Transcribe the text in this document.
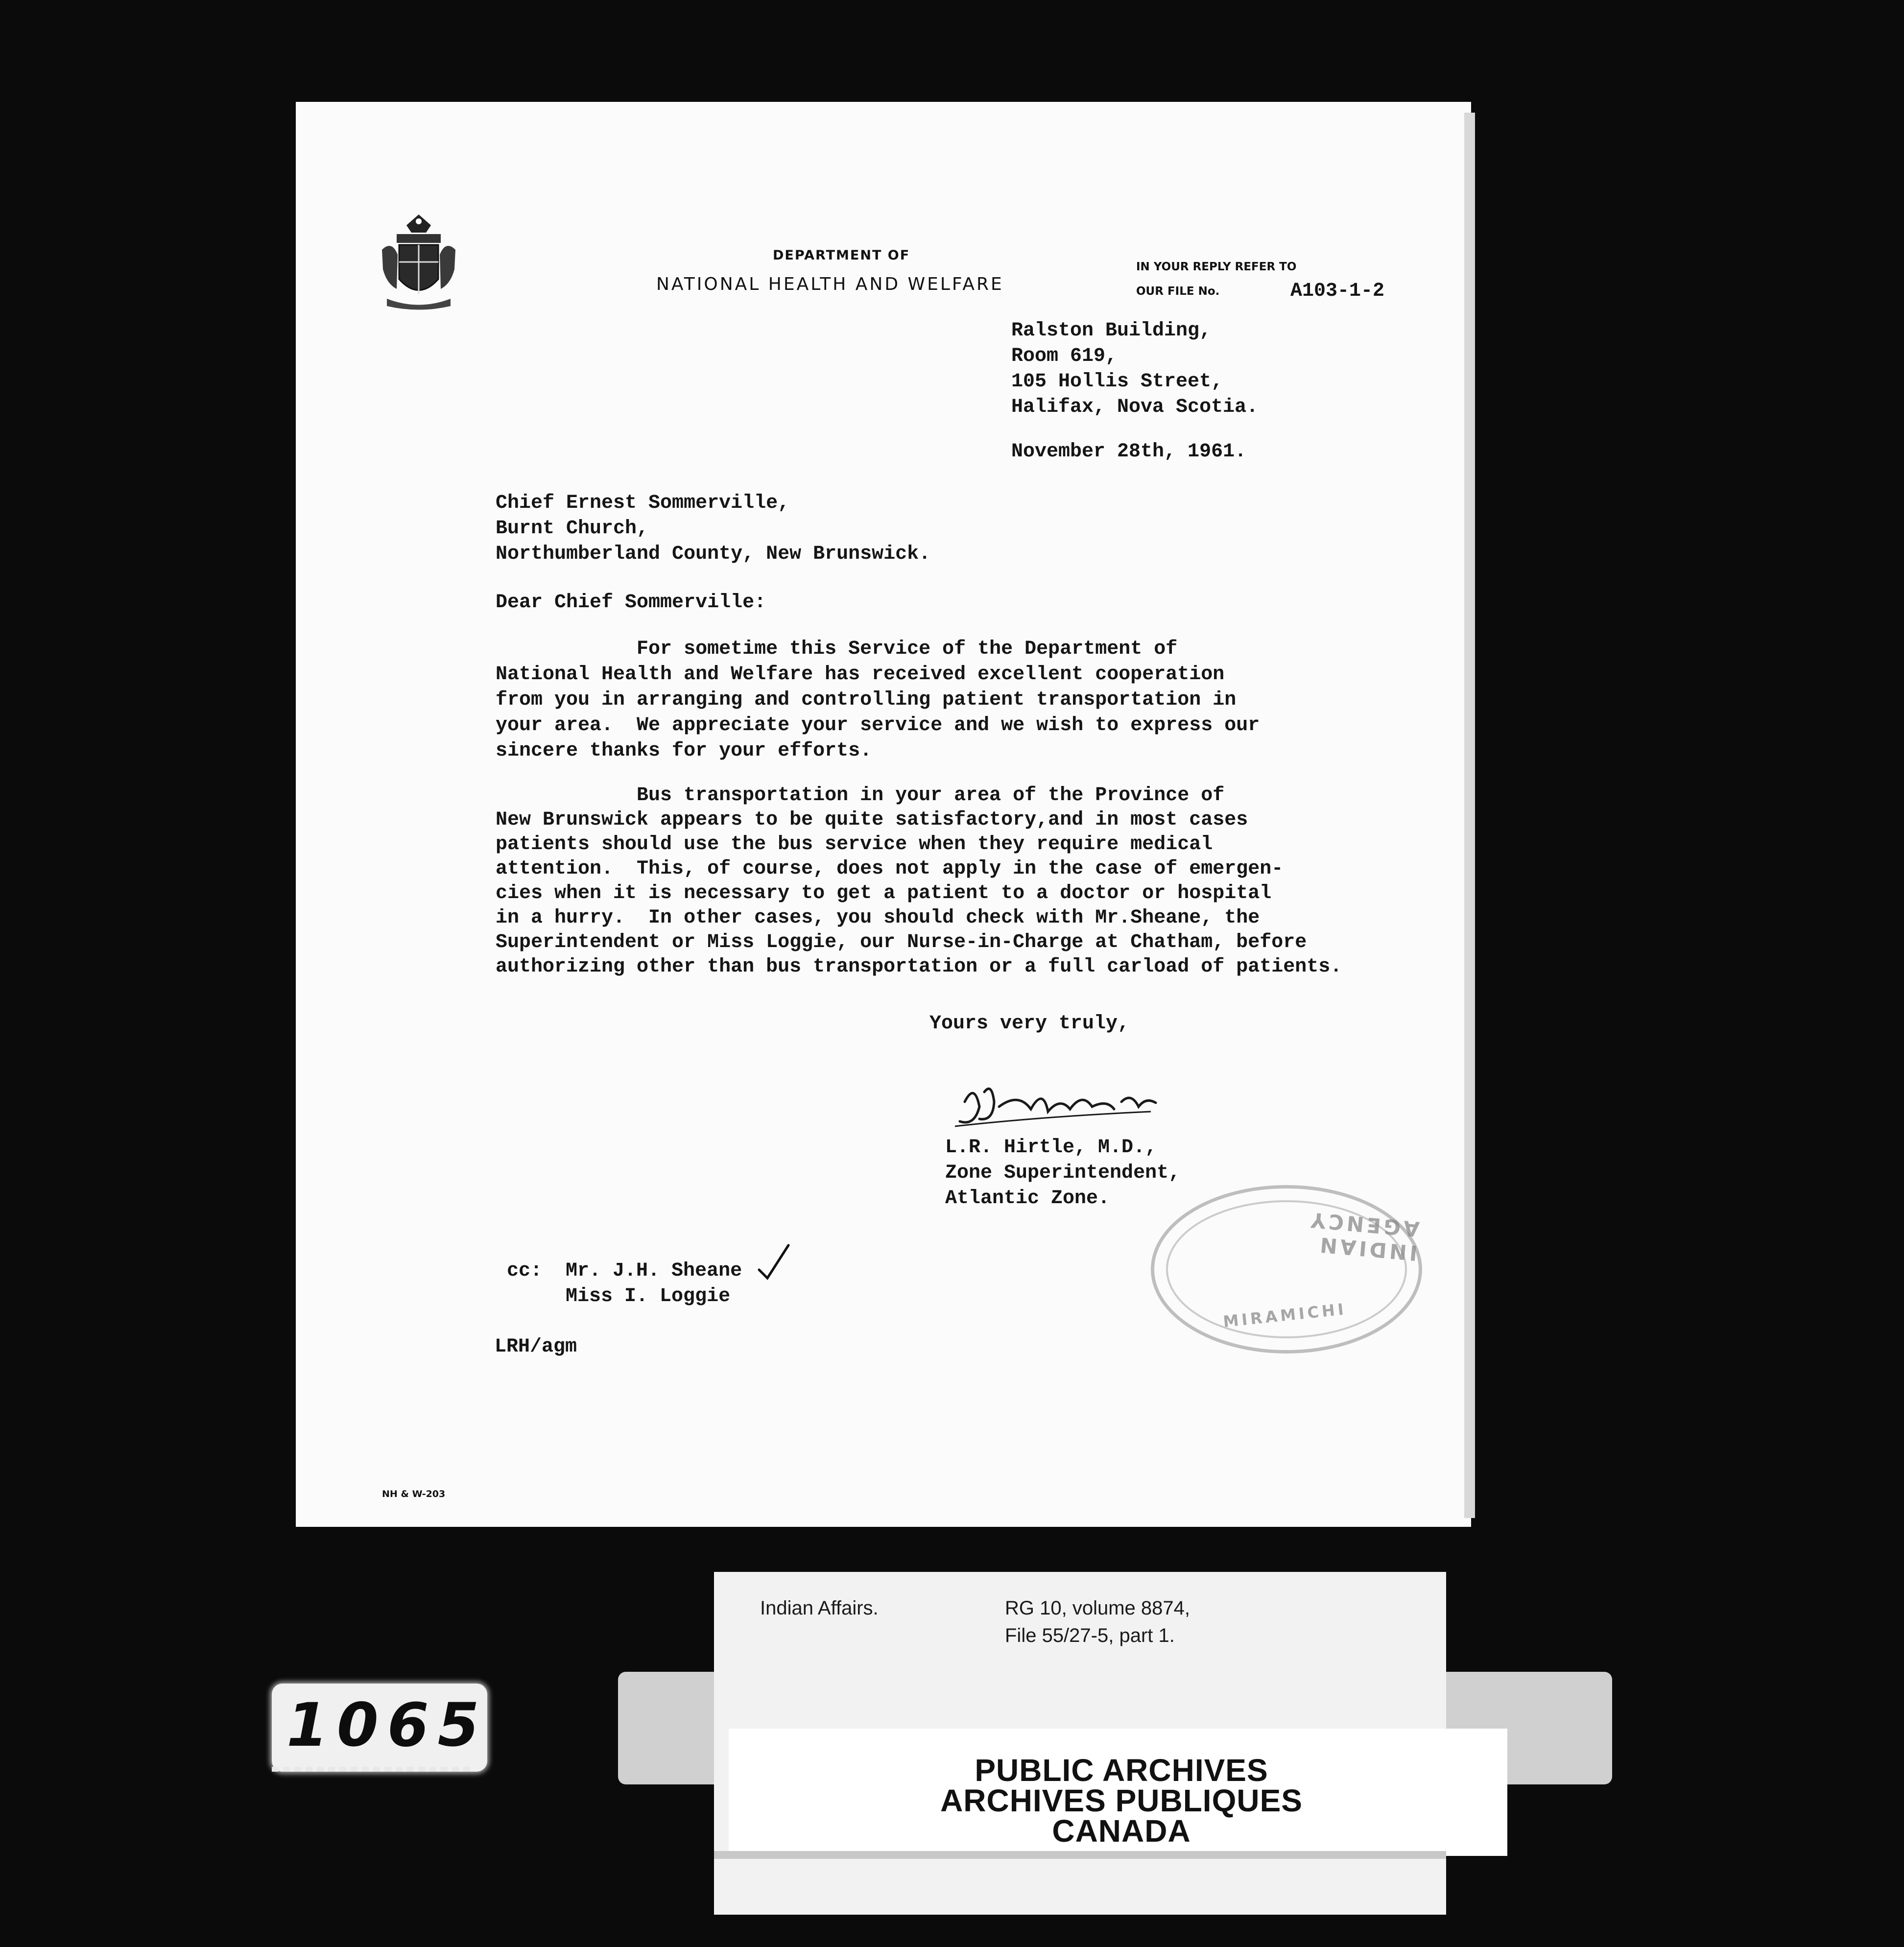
DEPARTMENT OF
NATIONAL HEALTH AND WELFARE
IN YOUR REPLY REFER TO
OUR FILE No.	A103-1-2
Ralston Building,
Room 619,
105 Hollis Street,
Halifax, Nova Scotia.
November 28th, 1961.
Chief Ernest Sommerville,
Burnt Church,
Northumberland County, New Brunswick.
Dear Chief Sommerville:
For sometime this Service of the Department of
National Health and Welfare has received excellent cooperation
from you in arranging and controlling patient transportation in
your area.  We appreciate your service and we wish to express our
sincere thanks for your efforts.
Bus transportation in your area of the Province of
New Brunswick appears to be quite satisfactory,and in most cases
patients should use the bus service when they require medical
attention.  This, of course, does not apply in the case of emergen-
cies when it is necessary to get a patient to a doctor or hospital
in a hurry.  In other cases, you should check with Mr.Sheane, the
Superintendent or Miss Loggie, our Nurse-in-Charge at Chatham, before
authorizing other than bus transportation or a full carload of patients.
Yours very truly,
L.R. Hirtle, M.D.,
Zone Superintendent,
Atlantic Zone.
INDIAN AGENCY
MIRAMICHI
cc:  Mr. J.H. Sheane
Miss I. Loggie
LRH/agm
NH & W-203
Indian Affairs.	RG 10, volume 8874,
File 55/27-5, part 1.
PUBLIC ARCHIVES
ARCHIVES PUBLIQUES
CANADA
1065
